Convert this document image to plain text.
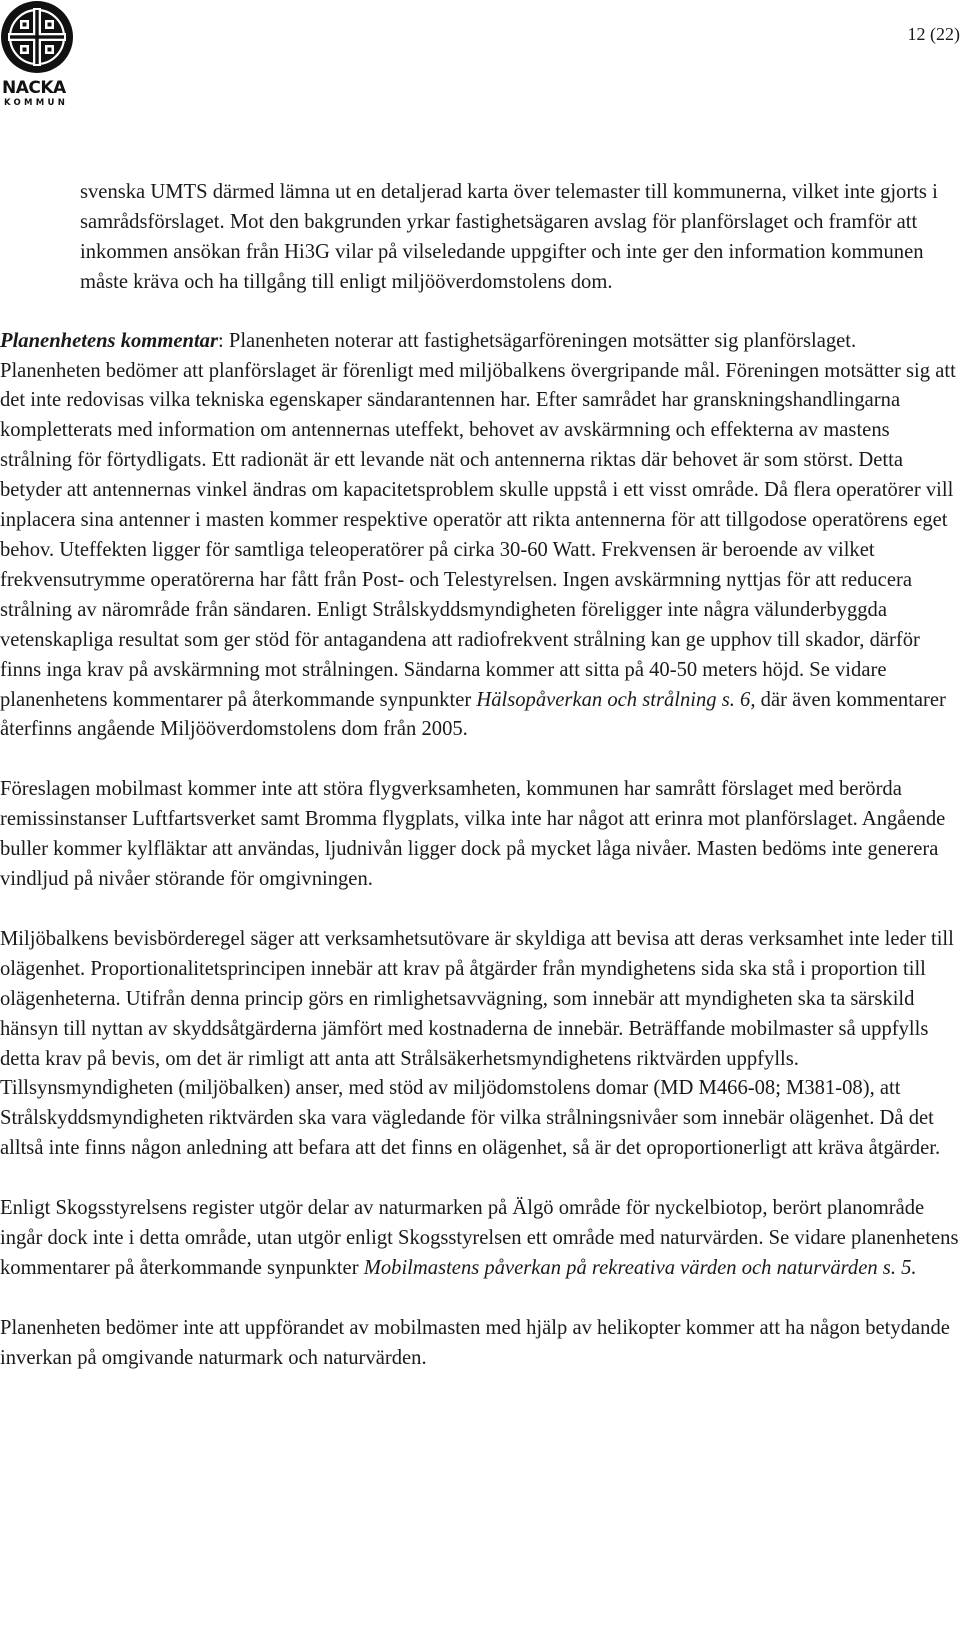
NACKA
KOMMUN
12 (22)

svenska UMTS därmed lämna ut en detaljerad karta över telemaster till kommunerna, vilket inte gjorts i samrådsförslaget. Mot den bakgrunden yrkar fastighetsägaren avslag för planförslaget och framför att inkommen ansökan från Hi3G vilar på vilseledande uppgifter och inte ger den information kommunen måste kräva och ha tillgång till enligt miljööverdomstolens dom.

Planenhetens kommentar: Planenheten noterar att fastighetsägarföreningen motsätter sig planförslaget. Planenheten bedömer att planförslaget är förenligt med miljöbalkens övergripande mål. Föreningen motsätter sig att det inte redovisas vilka tekniska egenskaper sändarantennen har. Efter samrådet har granskningshandlingarna kompletterats med information om antennernas uteffekt, behovet av avskärmning och effekterna av mastens strålning för förtydligats. Ett radionät är ett levande nät och antennerna riktas där behovet är som störst. Detta betyder att antennernas vinkel ändras om kapacitetsproblem skulle uppstå i ett visst område. Då flera operatörer vill inplacera sina antenner i masten kommer respektive operatör att rikta antennerna för att tillgodose operatörens eget behov. Uteffekten ligger för samtliga teleoperatörer på cirka 30-60 Watt. Frekvensen är beroende av vilket frekvensutrymme operatörerna har fått från Post- och Telestyrelsen. Ingen avskärmning nyttjas för att reducera strålning av närområde från sändaren. Enligt Strålskyddsmyndigheten föreligger inte några välunderbyggda vetenskapliga resultat som ger stöd för antagandena att radiofrekvent strålning kan ge upphov till skador, därför finns inga krav på avskärmning mot strålningen. Sändarna kommer att sitta på 40-50 meters höjd. Se vidare planenhetens kommentarer på återkommande synpunkter Hälsopåverkan och strålning s. 6, där även kommentarer återfinns angående Miljööverdomstolens dom från 2005.

Föreslagen mobilmast kommer inte att störa flygverksamheten, kommunen har samrått förslaget med berörda remissinstanser Luftfartsverket samt Bromma flygplats, vilka inte har något att erinra mot planförslaget. Angående buller kommer kylfläktar att användas, ljudnivån ligger dock på mycket låga nivåer. Masten bedöms inte generera vindljud på nivåer störande för omgivningen.

Miljöbalkens bevisbörderegel säger att verksamhetsutövare är skyldiga att bevisa att deras verksamhet inte leder till olägenhet. Proportionalitetsprincipen innebär att krav på åtgärder från myndighetens sida ska stå i proportion till olägenheterna. Utifrån denna princip görs en rimlighetsavvägning, som innebär att myndigheten ska ta särskild hänsyn till nyttan av skyddsåtgärderna jämfört med kostnaderna de innebär. Beträffande mobilmaster så uppfylls detta krav på bevis, om det är rimligt att anta att Strålsäkerhetsmyndighetens riktvärden uppfylls. Tillsynsmyndigheten (miljöbalken) anser, med stöd av miljödomstolens domar (MD M466-08; M381-08), att Strålskyddsmyndigheten riktvärden ska vara vägledande för vilka strålningsnivåer som innebär olägenhet. Då det alltså inte finns någon anledning att befara att det finns en olägenhet, så är det oproportionerligt att kräva åtgärder.

Enligt Skogsstyrelsens register utgör delar av naturmarken på Älgö område för nyckelbiotop, berört planområde ingår dock inte i detta område, utan utgör enligt Skogsstyrelsen ett område med naturvärden. Se vidare planenhetens kommentarer på återkommande synpunkter Mobilmastens påverkan på rekreativa värden och naturvärden s. 5.

Planenheten bedömer inte att uppförandet av mobilmasten med hjälp av helikopter kommer att ha någon betydande inverkan på omgivande naturmark och naturvärden.
